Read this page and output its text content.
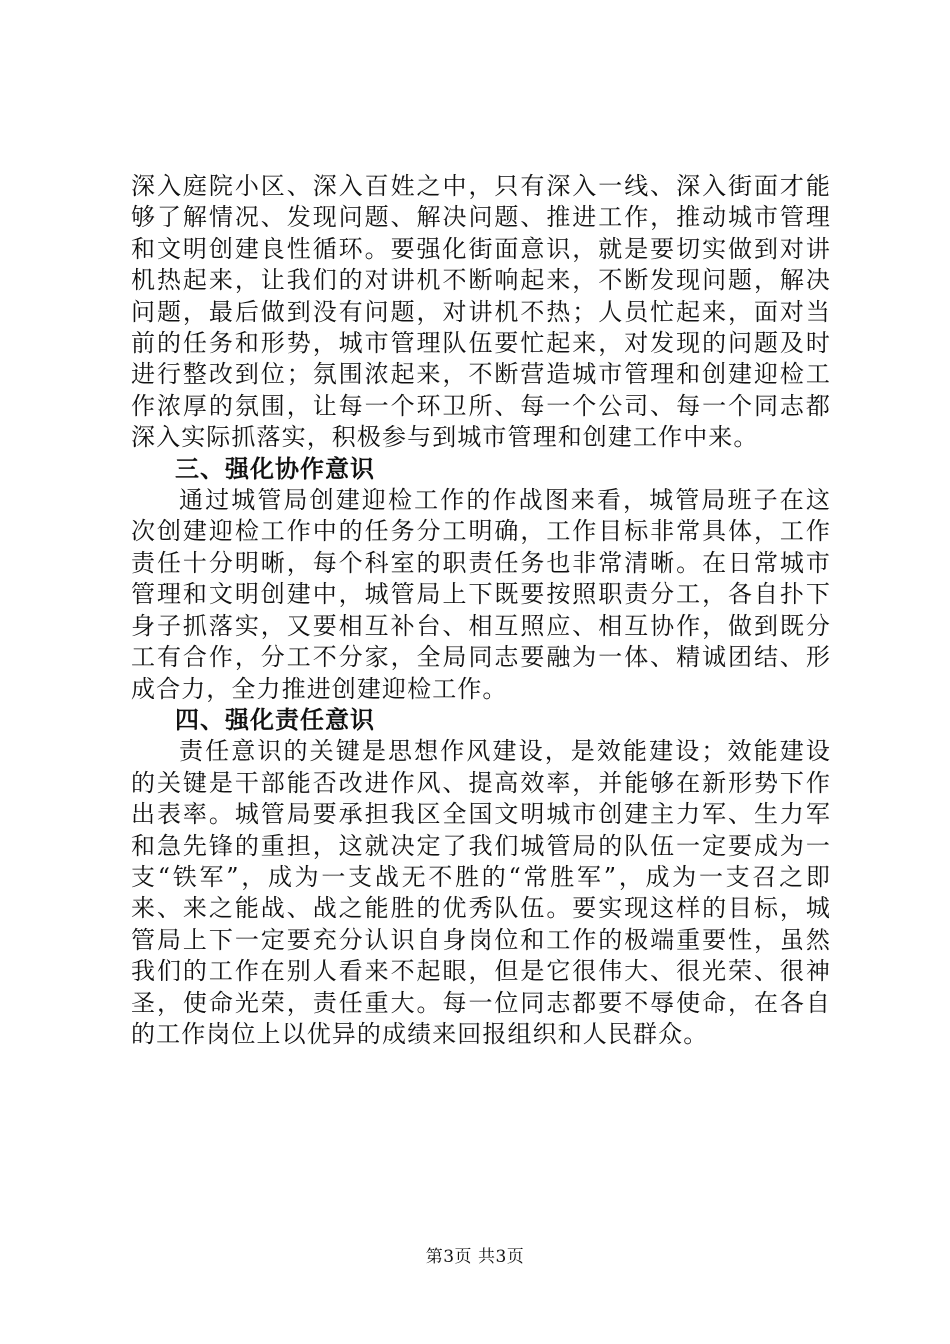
深入庭院小区、深入百姓之中，只有深入一线、深入街面才能够了解情况、发现问题、解决问题、推进工作，推动城市管理和文明创建良性循环。要强化街面意识，就是要切实做到对讲机热起来，让我们的对讲机不断响起来，不断发现问题，解决问题，最后做到没有问题，对讲机不热；人员忙起来，面对当前的任务和形势，城市管理队伍要忙起来，对发现的问题及时进行整改到位；氛围浓起来，不断营造城市管理和创建迎检工作浓厚的氛围，让每一个环卫所、每一个公司、每一个同志都深入实际抓落实，积极参与到城市管理和创建工作中来。

三、强化协作意识

通过城管局创建迎检工作的作战图来看，城管局班子在这次创建迎检工作中的任务分工明确，工作目标非常具体，工作责任十分明晰，每个科室的职责任务也非常清晰。在日常城市管理和文明创建中，城管局上下既要按照职责分工，各自扑下身子抓落实，又要相互补台、相互照应、相互协作，做到既分工有合作，分工不分家，全局同志要融为一体、精诚团结、形成合力，全力推进创建迎检工作。

四、强化责任意识

责任意识的关键是思想作风建设，是效能建设；效能建设的关键是干部能否改进作风、提高效率，并能够在新形势下作出表率。城管局要承担我区全国文明城市创建主力军、生力军和急先锋的重担，这就决定了我们城管局的队伍一定要成为一支“铁军”，成为一支战无不胜的“常胜军”，成为一支召之即来、来之能战、战之能胜的优秀队伍。要实现这样的目标，城管局上下一定要充分认识自身岗位和工作的极端重要性，虽然我们的工作在别人看来不起眼，但是它很伟大、很光荣、很神圣，使命光荣，责任重大。每一位同志都要不辱使命，在各自的工作岗位上以优异的成绩来回报组织和人民群众。

第3页 共3页
